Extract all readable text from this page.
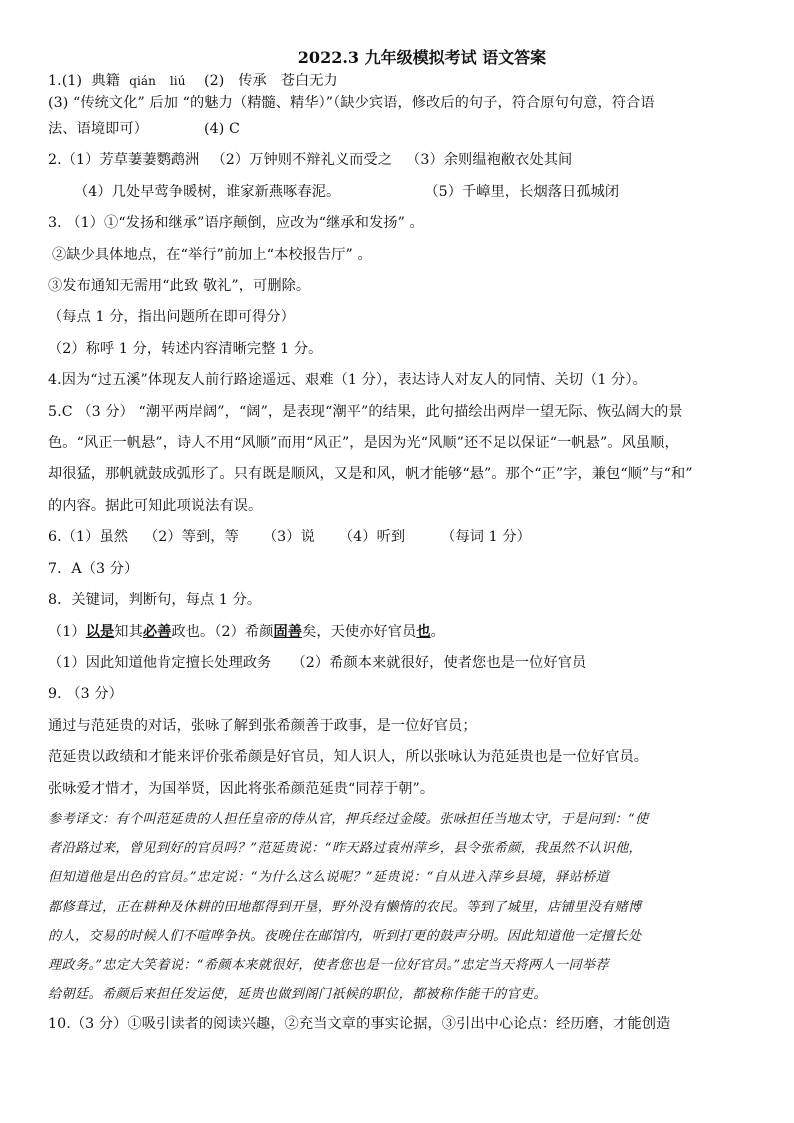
2022.3 九年级模拟考试 语文答案
1.(1) 典籍 qián liú (2) 传承 苍白无力
(3) “传统文化” 后加 “的魅力（精髓、精华）”（缺少宾语，修改后的句子，符合原句句意，符合语
法、语境即可）	(4) C
2.（1）芳草萋萋鹦鹉洲 （2）万钟则不辩礼义而受之 （3）余则缊袍敝衣处其间
（4）几处早莺争暖树，谁家新燕啄春泥。	（5）千嶂里，长烟落日孤城闭
3. （1）①“发扬和继承”语序颠倒，应改为“继承和发扬” 。
②缺少具体地点，在“举行”前加上“本校报告厅” 。
③发布通知无需用“此致 敬礼”，可删除。
（每点 1 分，指出问题所在即可得分）
（2）称呼 1 分，转述内容清晰完整 1 分。
4.因为“过五溪”体现友人前行路途遥远、艰难（1 分），表达诗人对友人的同情、关切（1 分）。
5.C （3 分） “潮平两岸阔”，“阔”，是表现“潮平”的结果，此句描绘出两岸一望无际、恢弘阔大的景
色。“风正一帆悬”，诗人不用“风顺”而用“风正”，是因为光“风顺”还不足以保证“一帆悬”。风虽顺，
却很猛，那帆就鼓成弧形了。只有既是顺风，又是和风，帆才能够“悬”。那个“正”字，兼包“顺”与“和”
的内容。据此可知此项说法有误。
6.（1）虽然 （2）等到，等 （3）说 （4）听到	（每词 1 分）
7．A（3 分）
8．关键词，判断句，每点 1 分。
（1）以是知其必善政也。（2）希颜固善矣，天使亦好官员也。
（1）因此知道他肯定擅长处理政务 （2）希颜本来就很好，使者您也是一位好官员
9. （3 分）
通过与范延贵的对话，张咏了解到张希颜善于政事，是一位好官员；
范延贵以政绩和才能来评价张希颜是好官员，知人识人，所以张咏认为范延贵也是一位好官员。
张咏爱才惜才，为国举贤，因此将张希颜范延贵“同荐于朝”。
参考译文：有个叫范延贵的人担任皇帝的侍从官，押兵经过金陵。张咏担任当地太守，于是问到：“使
者沿路过来，曾见到好的官员吗？”范延贵说：“昨天路过袁州萍乡，县令张希颜，我虽然不认识他，
但知道他是出色的官员。”忠定说：“为什么这么说呢？”延贵说：“自从进入萍乡县境，驿站桥道
都修葺过，正在耕种及休耕的田地都得到开垦，野外没有懒惰的农民。等到了城里，店铺里没有赌博
的人，交易的时候人们不喧哗争执。夜晚住在邮馆内，听到打更的鼓声分明。因此知道他一定擅长处
理政务。”忠定大笑着说：“希颜本来就很好，使者您也是一位好官员。”忠定当天将两人一同举荐
给朝廷。希颜后来担任发运使，延贵也做到阁门祇候的职位，都被称作能干的官吏。
10.（3 分）①吸引读者的阅读兴趣，②充当文章的事实论据，③引出中心论点：经历磨，才能创造
